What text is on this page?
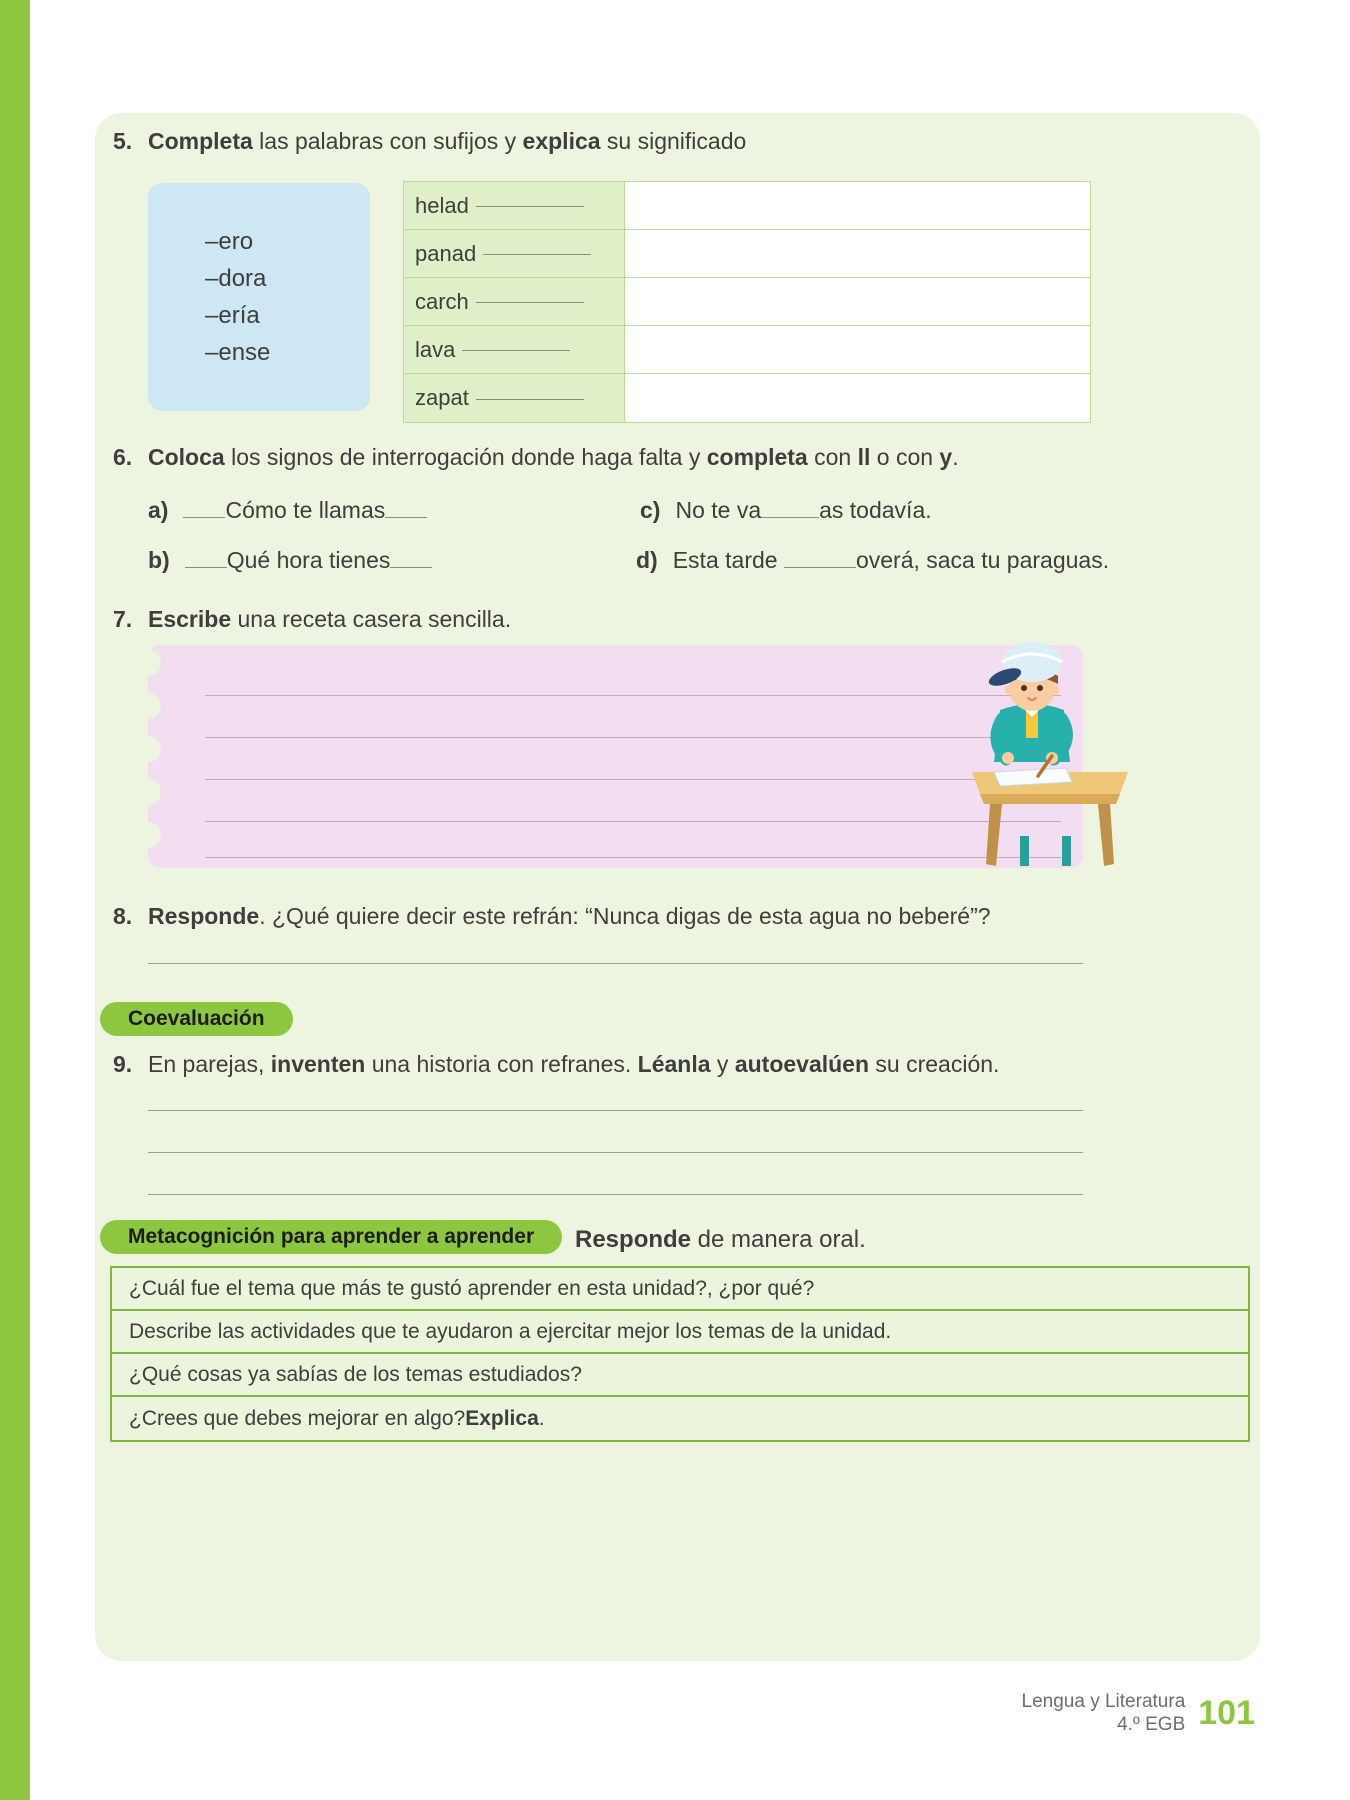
5. Completa las palabras con sufijos y explica su significado
–ero
–dora
–ería
–ense
helad
panad
carch
lava
zapat
6. Coloca los signos de interrogación donde haga falta y completa con ll o con y.
a) Cómo te llamas
b) Qué hora tienes
c) No te va	as todavía.
d) Esta tarde	overá, saca tu paraguas.
7. Escribe una receta casera sencilla.
8. Responde. ¿Qué quiere decir este refrán: “Nunca digas de esta agua no beberé”?
Coevaluación
9. En parejas, inventen una historia con refranes. Léanla y autoevalúen su creación.
Metacognición para aprender a aprender Responde de manera oral.
¿Cuál fue el tema que más te gustó aprender en esta unidad?, ¿por qué?
Describe las actividades que te ayudaron a ejercitar mejor los temas de la unidad.
¿Qué cosas ya sabías de los temas estudiados?
¿Crees que debes mejorar en algo? Explica .
Lengua y Literatura
4.º EGB 101
